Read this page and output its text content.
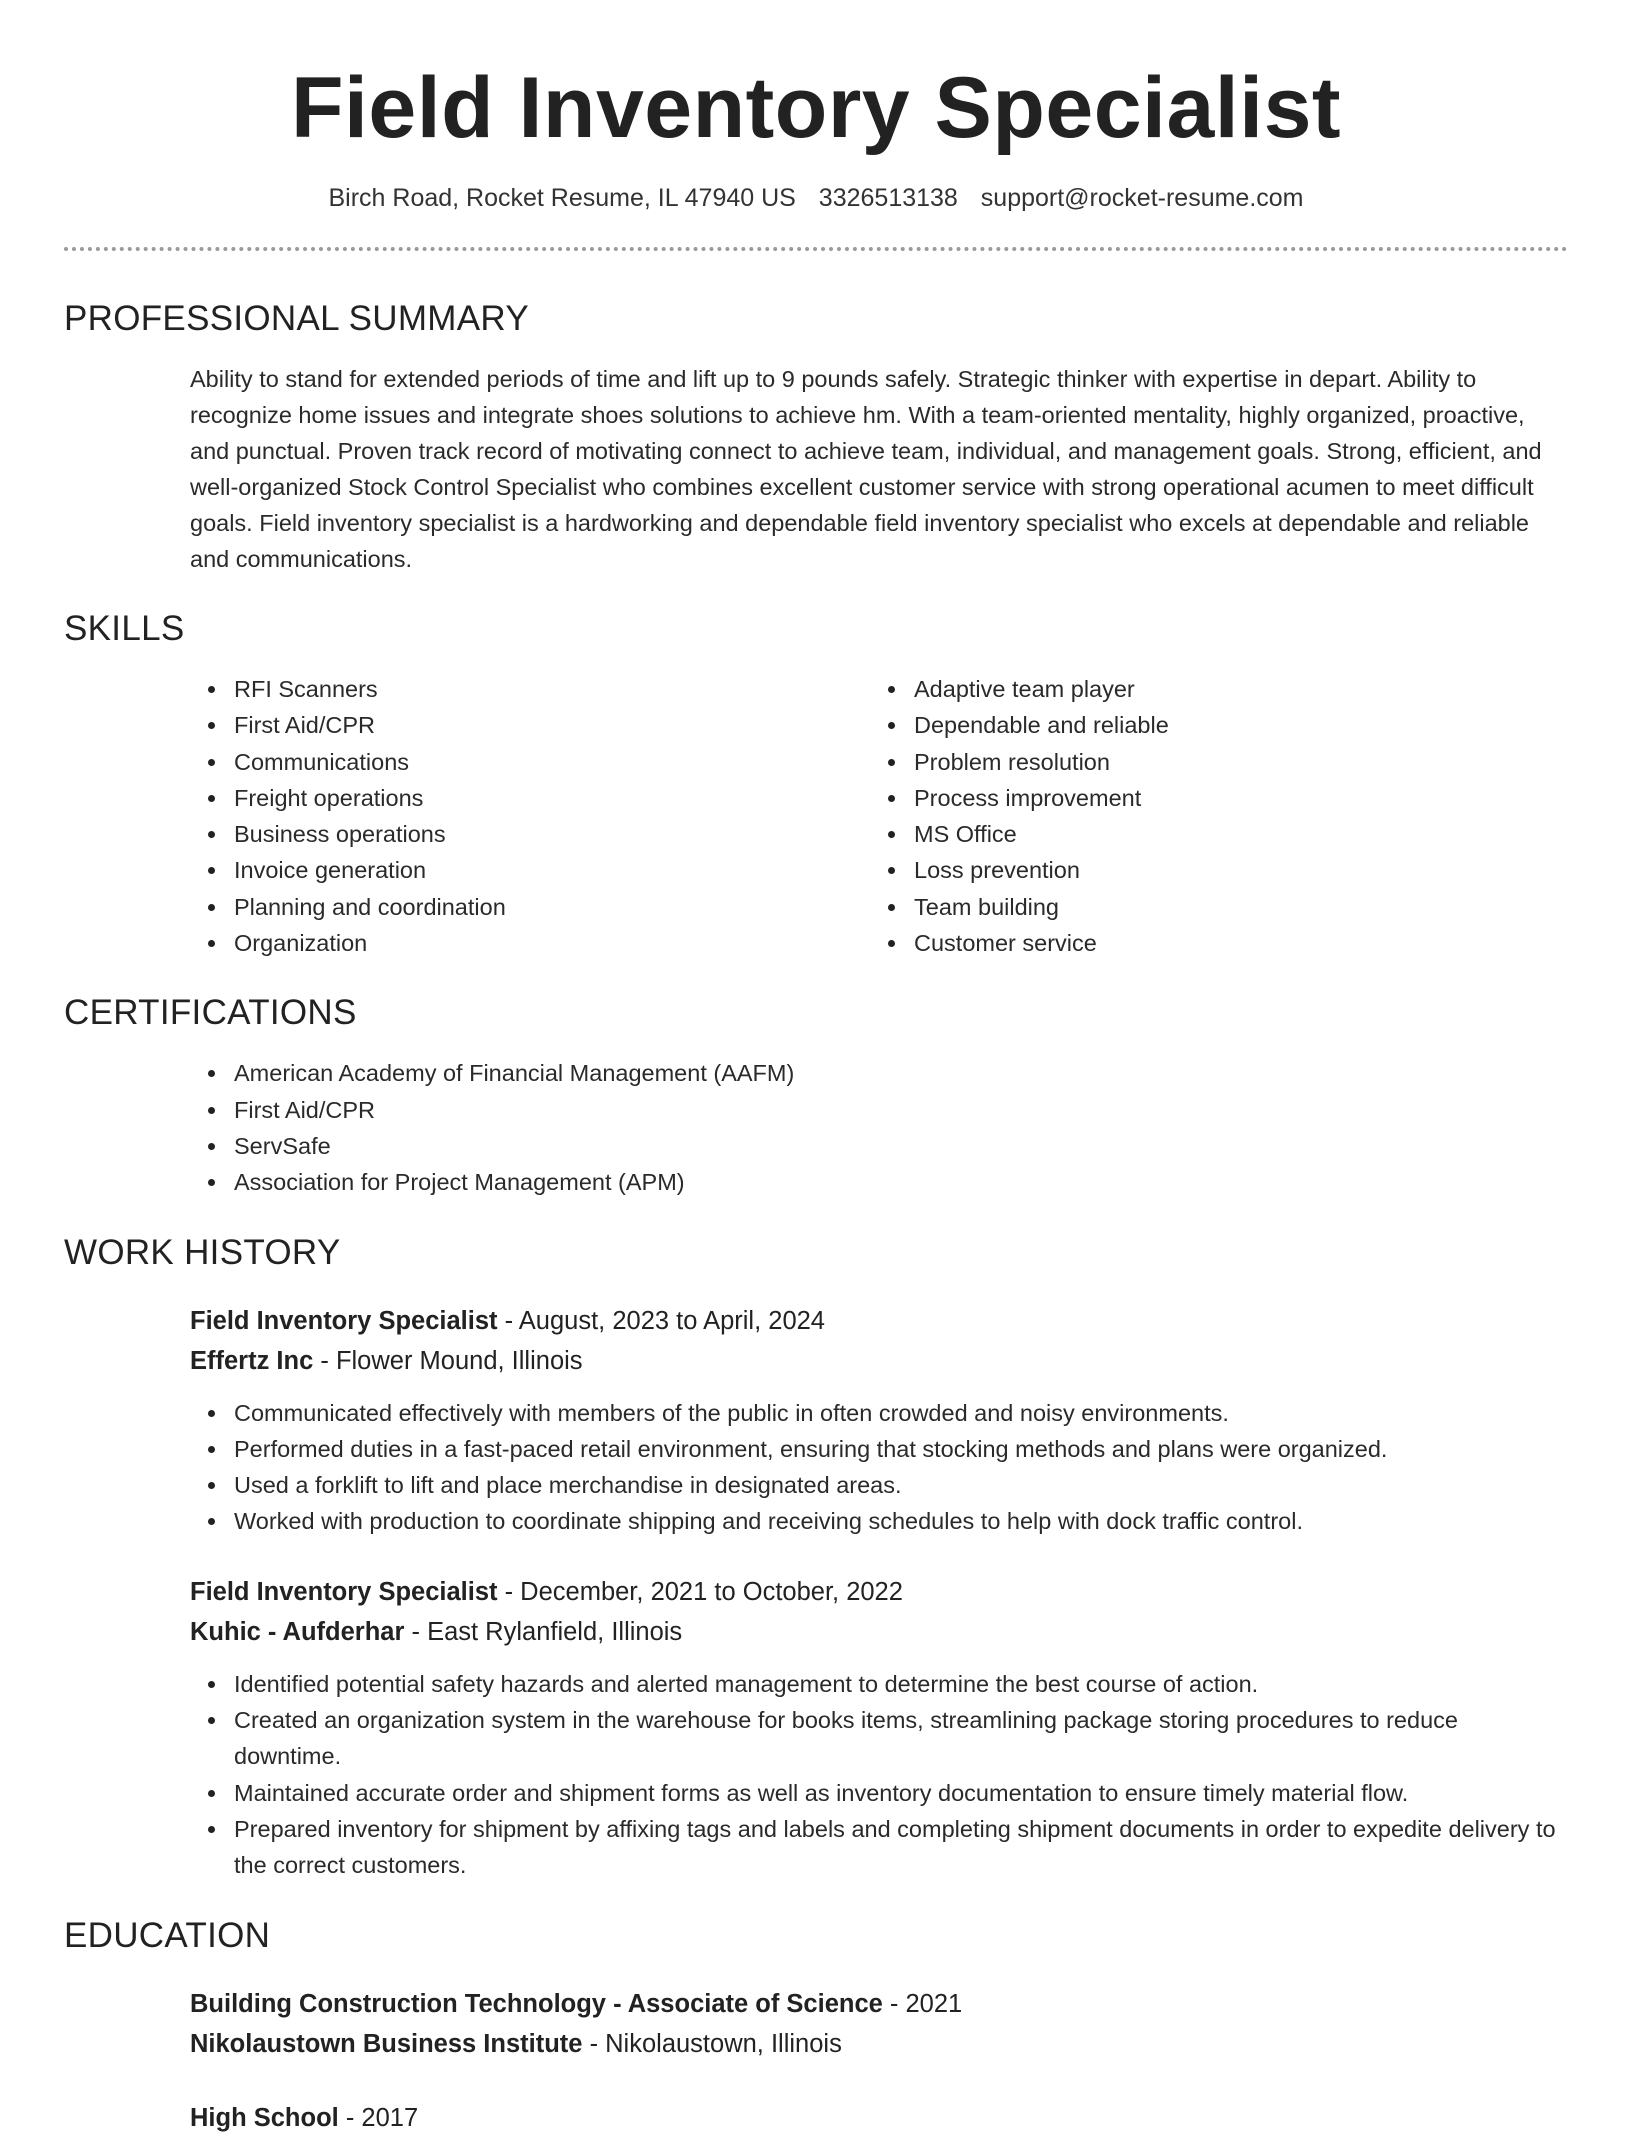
Field Inventory Specialist
Birch Road, Rocket Resume, IL 47940 US 3326513138 support@rocket-resume.com
PROFESSIONAL SUMMARY

Ability to stand for extended periods of time and lift up to 9 pounds safely. Strategic thinker with expertise in depart. Ability to recognize home issues and integrate shoes solutions to achieve hm. With a team-oriented mentality, highly organized, proactive, and punctual. Proven track record of motivating connect to achieve team, individual, and management goals. Strong, efficient, and well-organized Stock Control Specialist who combines excellent customer service with strong operational acumen to meet difficult goals. Field inventory specialist is a hardworking and dependable field inventory specialist who excels at dependable and reliable and communications.

SKILLS
RFI Scanners
First Aid/CPR
Communications
Freight operations
Business operations
Invoice generation
Planning and coordination
Organization
Adaptive team player
Dependable and reliable
Problem resolution
Process improvement
MS Office
Loss prevention
Team building
Customer service
CERTIFICATIONS
American Academy of Financial Management (AAFM)
First Aid/CPR
ServSafe
Association for Project Management (APM)
WORK HISTORY
Field Inventory Specialist - August, 2023 to April, 2024
Effertz Inc - Flower Mound, Illinois
Communicated effectively with members of the public in often crowded and noisy environments.
Performed duties in a fast-paced retail environment, ensuring that stocking methods and plans were organized.
Used a forklift to lift and place merchandise in designated areas.
Worked with production to coordinate shipping and receiving schedules to help with dock traffic control.
Field Inventory Specialist - December, 2021 to October, 2022
Kuhic - Aufderhar - East Rylanfield, Illinois
Identified potential safety hazards and alerted management to determine the best course of action.
Created an organization system in the warehouse for books items, streamlining package storing procedures to reduce downtime.
Maintained accurate order and shipment forms as well as inventory documentation to ensure timely material flow.
Prepared inventory for shipment by affixing tags and labels and completing shipment documents in order to expedite delivery to the correct customers.
EDUCATION
Building Construction Technology - Associate of Science - 2021
Nikolaustown Business Institute - Nikolaustown, Illinois
High School - 2017
